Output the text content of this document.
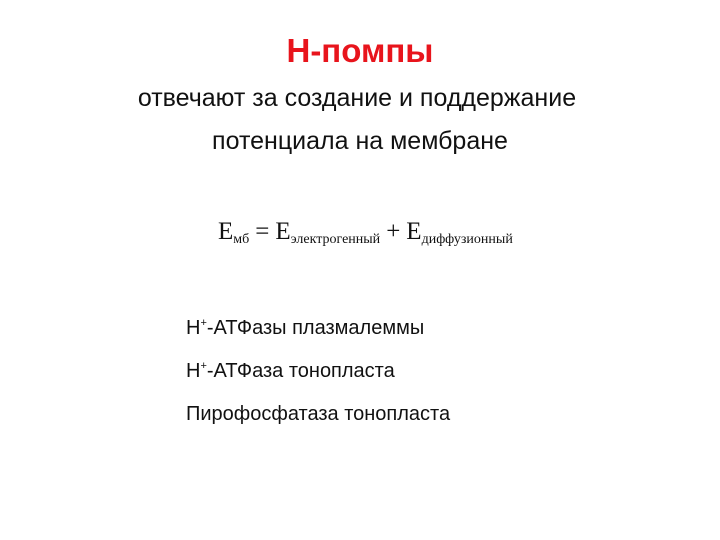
Н-помпы
отвечают за создание и поддержание
потенциала на мембране
$E_{мб} = E_{электрогенный} + E_{диффузионный}$
Н+-АТФазы плазмалеммы
Н+-АТФаза тонопласта
Пирофосфатаза тонопласта
